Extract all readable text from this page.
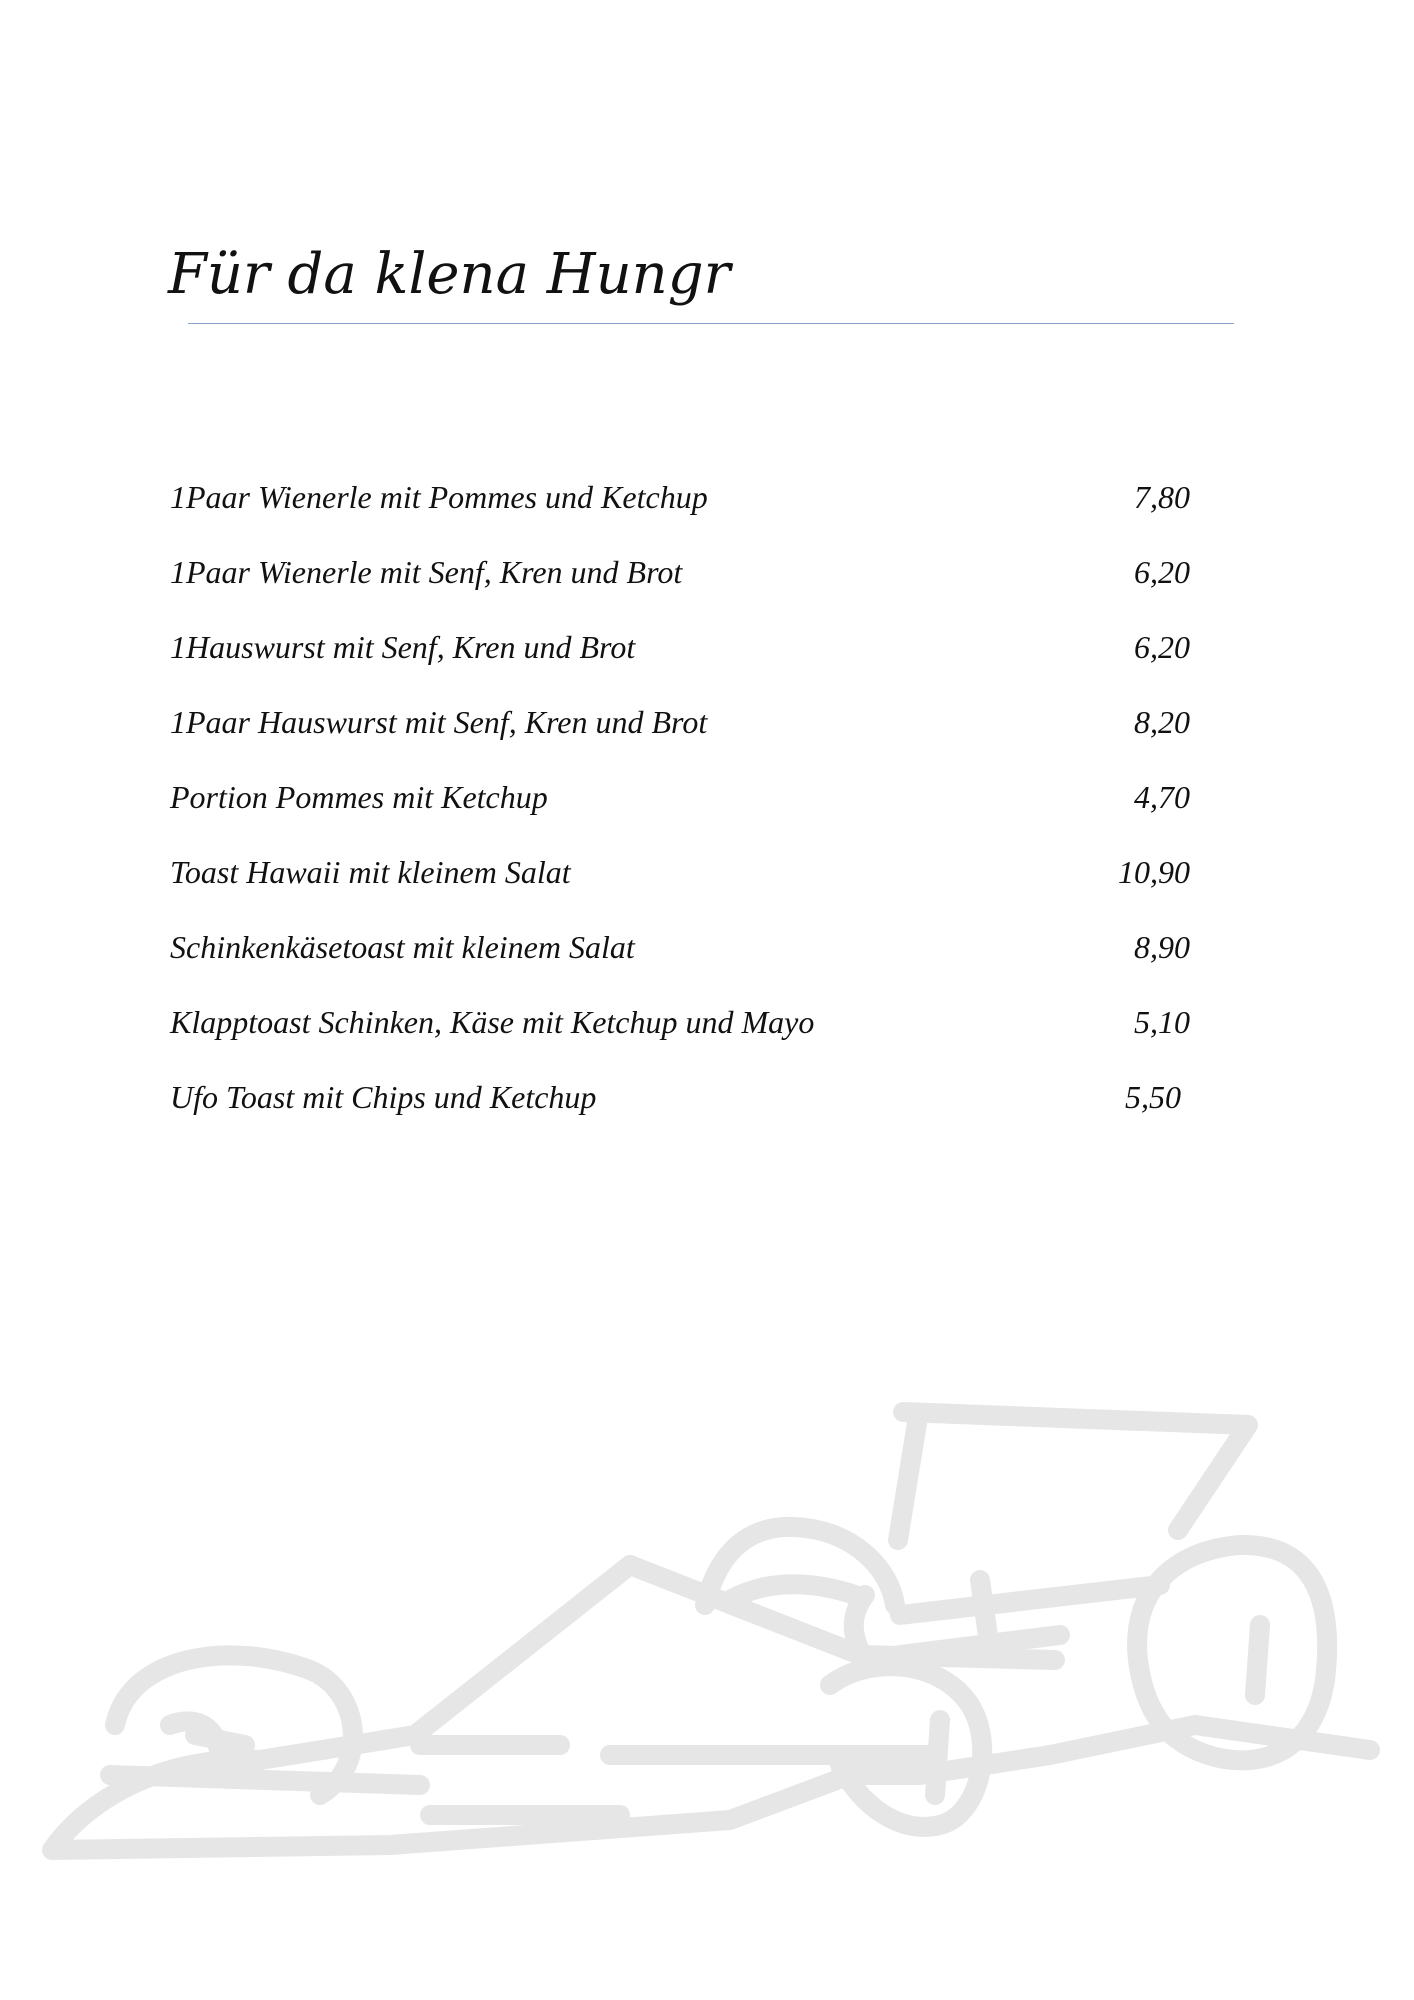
Für da klena Hungr
1Paar Wienerle mit Pommes und Ketchup	7,80
1Paar Wienerle mit Senf, Kren und Brot	6,20
1Hauswurst mit Senf, Kren und Brot	6,20
1Paar Hauswurst mit Senf, Kren und Brot	8,20
Portion Pommes mit Ketchup	4,70
Toast Hawaii mit kleinem Salat	10,90
Schinkenkäsetoast mit kleinem Salat	8,90
Klapptoast Schinken, Käse mit Ketchup und Mayo	5,10
Ufo Toast mit Chips und Ketchup	5,50
